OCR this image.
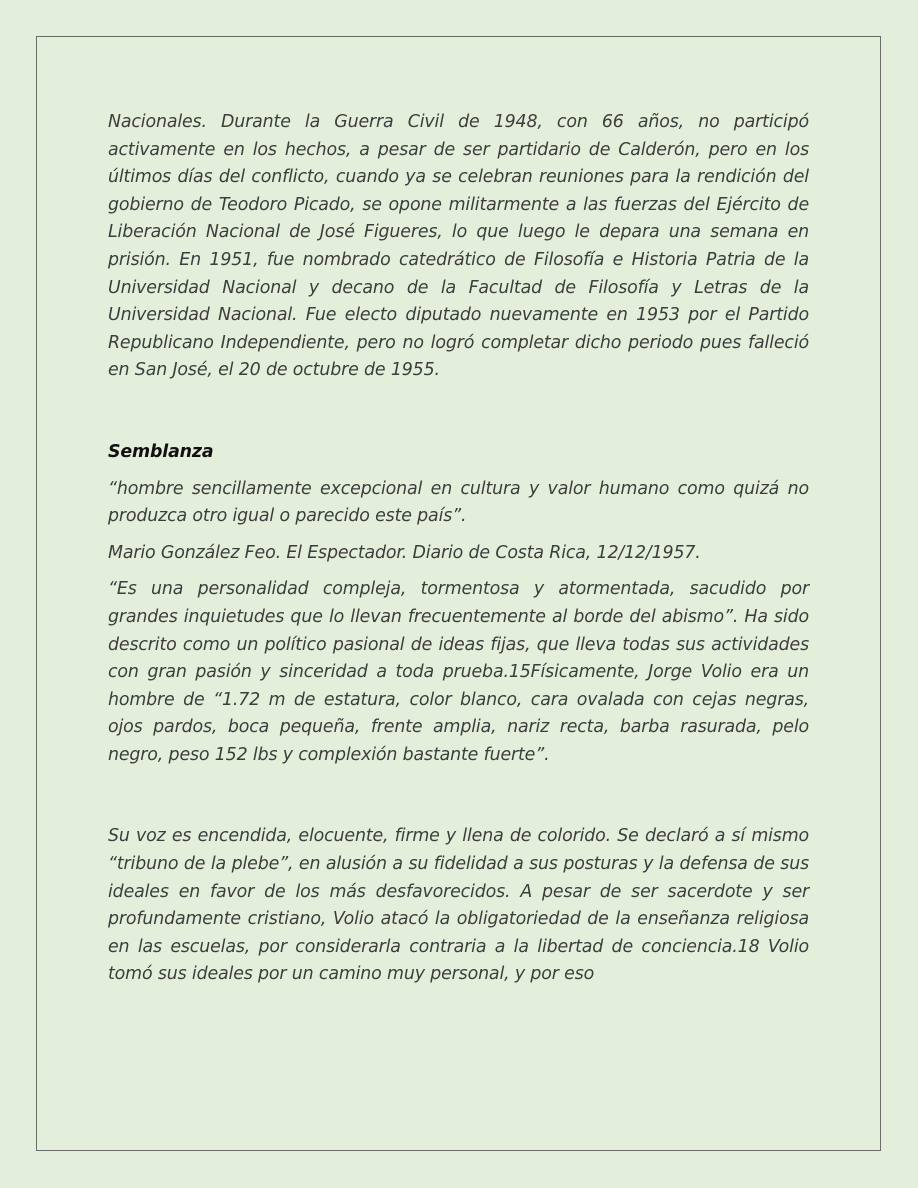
Nacionales. Durante la Guerra Civil de 1948, con 66 años, no participó activamente en los hechos, a pesar de ser partidario de Calderón, pero en los últimos días del conflicto, cuando ya se celebran reuniones para la rendición del gobierno de Teodoro Picado, se opone militarmente a las fuerzas del Ejército de Liberación Nacional de José Figueres, lo que luego le depara una semana en prisión. En 1951, fue nombrado catedrático de Filosofía e Historia Patria de la Universidad Nacional y decano de la Facultad de Filosofía y Letras de la Universidad Nacional. Fue electo diputado nuevamente en 1953 por el Partido Republicano Independiente, pero no logró completar dicho periodo pues falleció en San José, el 20 de octubre de 1955.

Semblanza

“hombre sencillamente excepcional en cultura y valor humano como quizá no produzca otro igual o parecido este país”.

Mario González Feo. El Espectador. Diario de Costa Rica, 12/12/1957.

“Es una personalidad compleja, tormentosa y atormentada, sacudido por grandes inquietudes que lo llevan frecuentemente al borde del abismo”. Ha sido descrito como un político pasional de ideas fijas, que lleva todas sus actividades con gran pasión y sinceridad a toda prueba.15Físicamente, Jorge Volio era un hombre de “1.72 m de estatura, color blanco, cara ovalada con cejas negras, ojos pardos, boca pequeña, frente amplia, nariz recta, barba rasurada, pelo negro, peso 152 lbs y complexión bastante fuerte”.

Su voz es encendida, elocuente, firme y llena de colorido. Se declaró a sí mismo “tribuno de la plebe”, en alusión a su fidelidad a sus posturas y la defensa de sus ideales en favor de los más desfavorecidos. A pesar de ser sacerdote y ser profundamente cristiano, Volio atacó la obligatoriedad de la enseñanza religiosa en las escuelas, por considerarla contraria a la libertad de conciencia.18 Volio tomó sus ideales por un camino muy personal, y por eso
